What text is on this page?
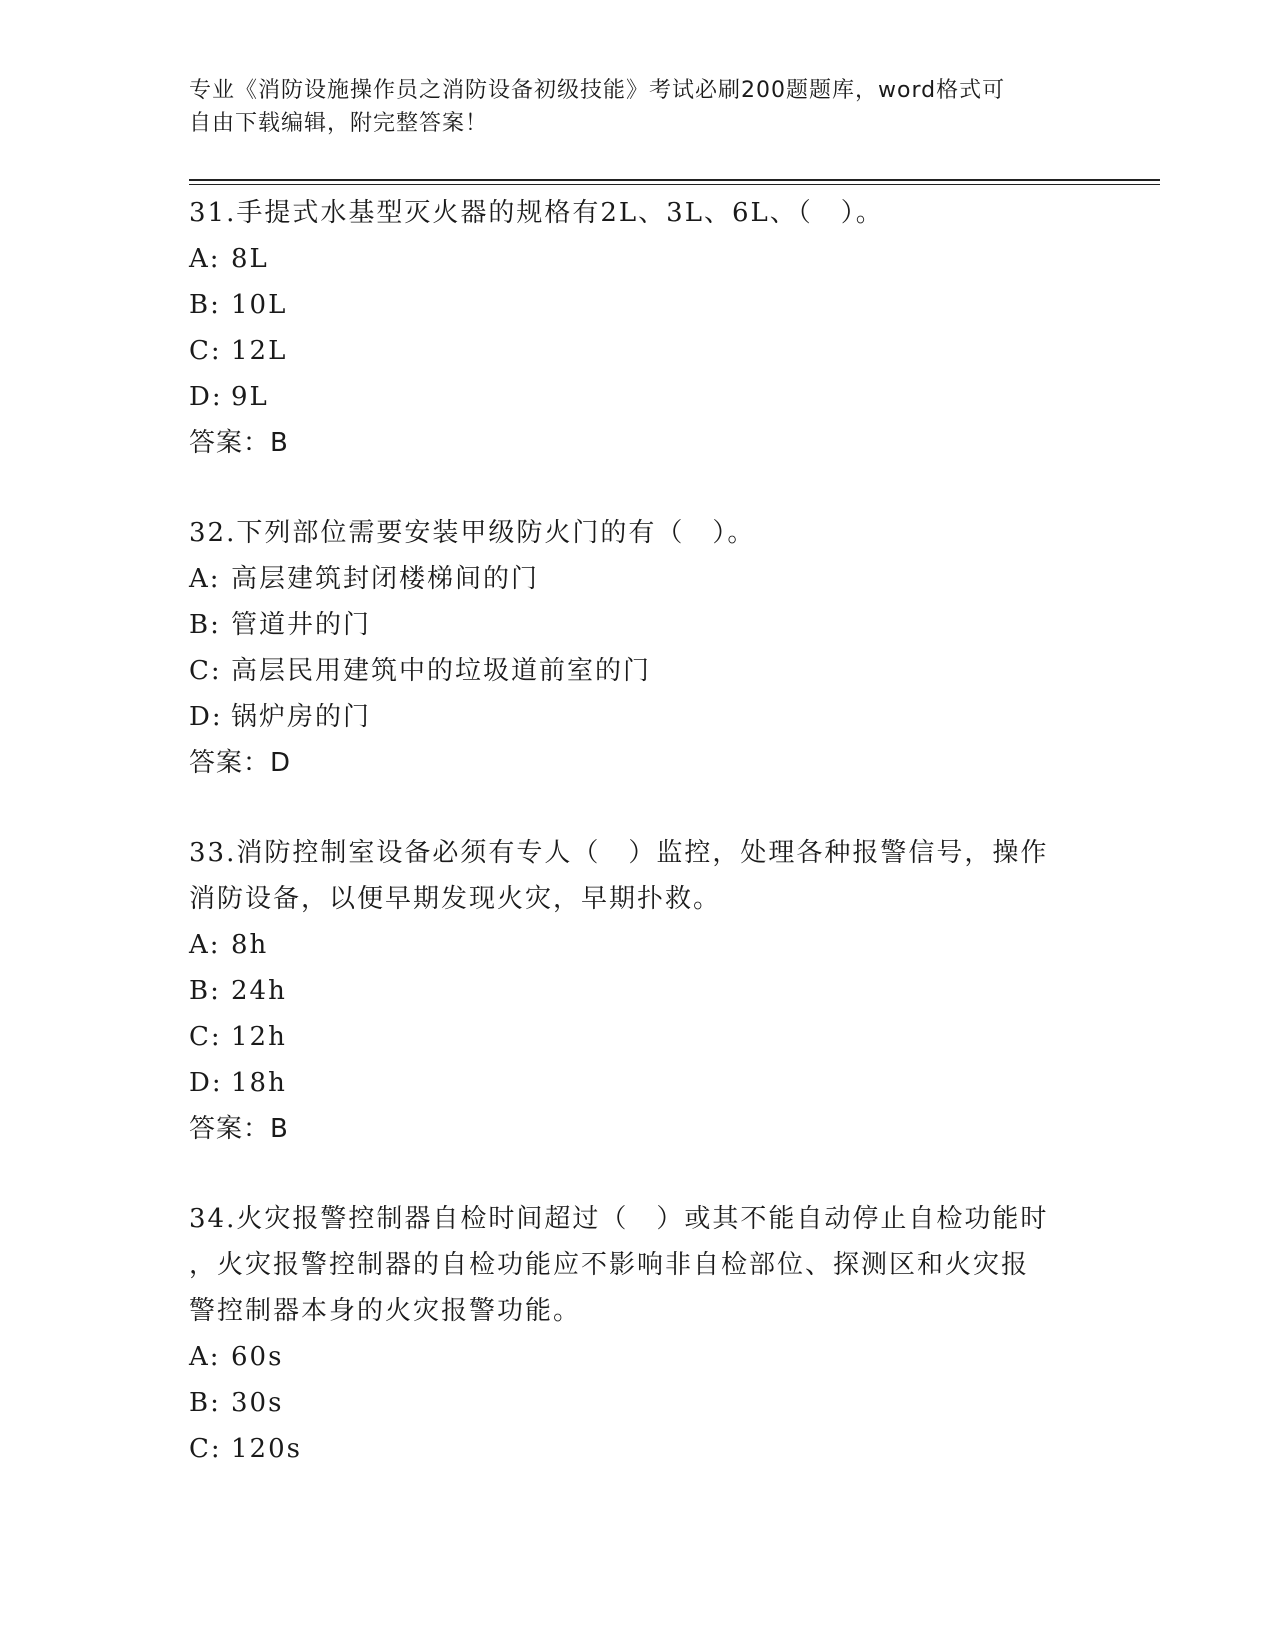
专业《消防设施操作员之消防设备初级技能》考试必刷200题题库，word格式可
自由下载编辑，附完整答案！
31.手提式水基型灭火器的规格有2L、3L、6L、（　）。
A: 8L
B: 10L
C: 12L
D: 9L
答案：B
32.下列部位需要安装甲级防火门的有（　）。
A: 高层建筑封闭楼梯间的门
B: 管道井的门
C: 高层民用建筑中的垃圾道前室的门
D: 锅炉房的门
答案：D
33.消防控制室设备必须有专人（　）监控，处理各种报警信号，操作
消防设备，以便早期发现火灾，早期扑救。
A: 8h
B: 24h
C: 12h
D: 18h
答案：B
34.火灾报警控制器自检时间超过（　）或其不能自动停止自检功能时
，火灾报警控制器的自检功能应不影响非自检部位、探测区和火灾报
警控制器本身的火灾报警功能。
A: 60s
B: 30s
C: 120s
